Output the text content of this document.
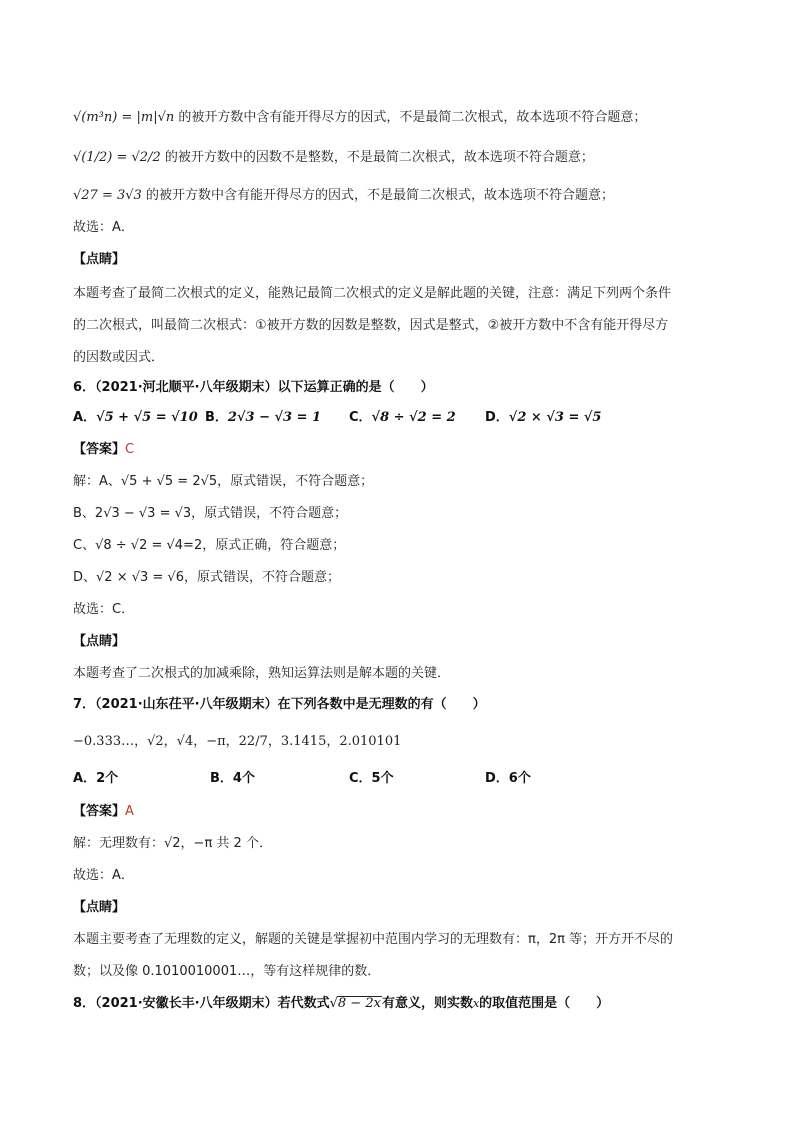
√(m³n) = |m|√n 的被开方数中含有能开得尽方的因式，不是最简二次根式，故本选项不符合题意；
√(1/2) = √2/2 的被开方数中的因数不是整数，不是最简二次根式，故本选项不符合题意；
√27 = 3√3 的被开方数中含有能开得尽方的因式，不是最简二次根式，故本选项不符合题意；
故选：A．
【点睛】
本题考查了最简二次根式的定义，能熟记最简二次根式的定义是解此题的关键，注意：满足下列两个条件
的二次根式，叫最简二次根式：①被开方数的因数是整数，因式是整式，②被开方数中不含有能开得尽方
的因数或因式．
6．（2021·河北顺平·八年级期末）以下运算正确的是（　　）
A．√5 + √5 = √10 B．2√3 − √3 = 1	C．√8 ÷ √2 = 2	D．√2 × √3 = √5
【答案】C
解：A、√5 + √5 = 2√5，原式错误，不符合题意；
B、2√3 − √3 = √3，原式错误，不符合题意；
C、√8 ÷ √2 = √4=2，原式正确，符合题意；
D、√2 × √3 = √6，原式错误，不符合题意；
故选：C．
【点睛】
本题考查了二次根式的加减乘除，熟知运算法则是解本题的关键．
7．（2021·山东茌平·八年级期末）在下列各数中是无理数的有（　　）
−0.333…，√2，√4，−π，22/7，3.1415，2.010101
A．2个	B．4个	C．5个	D．6个
【答案】A
解：无理数有：√2，−π 共 2 个．
故选：A．
【点睛】
本题主要考查了无理数的定义，解题的关键是掌握初中范围内学习的无理数有：π，2π 等；开方开不尽的
数；以及像 0.1010010001…，等有这样规律的数．
8．（2021·安徽长丰·八年级期末）若代数式√8 − 2x有意义，则实数x的取值范围是（　　）
